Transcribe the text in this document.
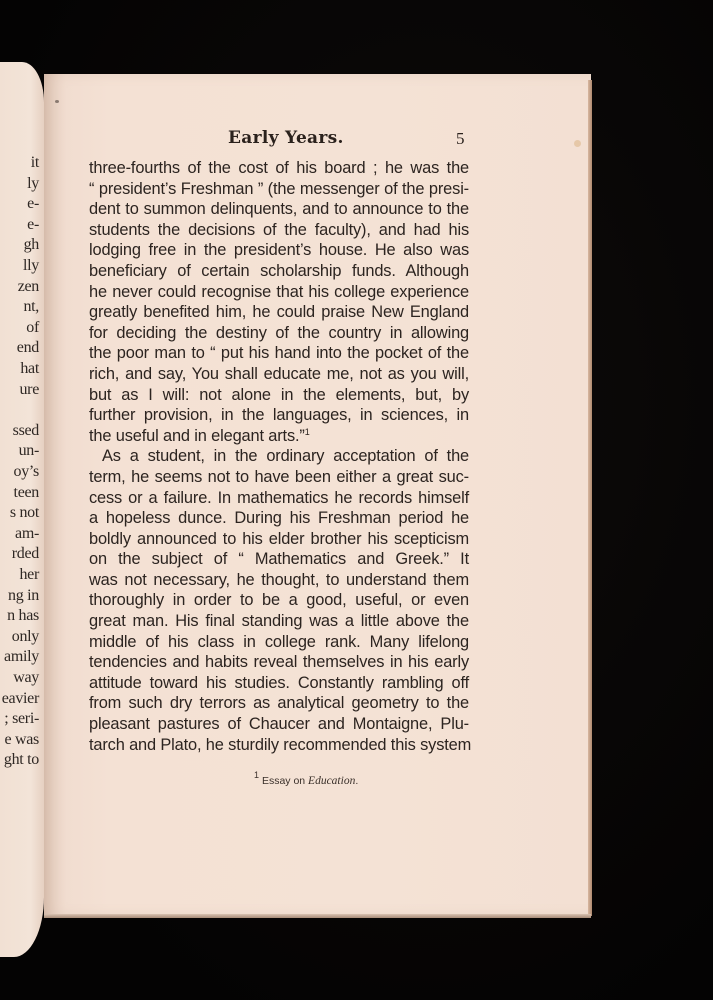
it
ly
e-
e-
gh
lly
zen
nt,
of
end
hat
ure
ssed
un-
oy’s
teen
s not
am-
rded
her
ng in
n has
only
amily
way
eavier
; seri-
e was
ght to
Early Years.	5
three-fourths of the cost of his board ; he was the
“ president’s Freshman ” (the messenger of the presi-
dent to summon delinquents, and to announce to the
students the decisions of the faculty), and had his
lodging free in the president’s house. He also was
beneficiary of certain scholarship funds. Although
he never could recognise that his college experience
greatly benefited him, he could praise New England
for deciding the destiny of the country in allowing
the poor man to “ put his hand into the pocket of the
rich, and say, You shall educate me, not as you will,
but as I will: not alone in the elements, but, by
further provision, in the languages, in sciences, in
the useful and in elegant arts.”$^1$
As a student, in the ordinary acceptation of the
term, he seems not to have been either a great suc-
cess or a failure. In mathematics he records himself
a hopeless dunce. During his Freshman period he
boldly announced to his elder brother his scepticism
on the subject of “ Mathematics and Greek.” It
was not necessary, he thought, to understand them
thoroughly in order to be a good, useful, or even
great man. His final standing was a little above the
middle of his class in college rank. Many lifelong
tendencies and habits reveal themselves in his early
attitude toward his studies. Constantly rambling off
from such dry terrors as analytical geometry to the
pleasant pastures of Chaucer and Montaigne, Plu-
tarch and Plato, he sturdily recommended this system
$^1$ Essay on Education.
